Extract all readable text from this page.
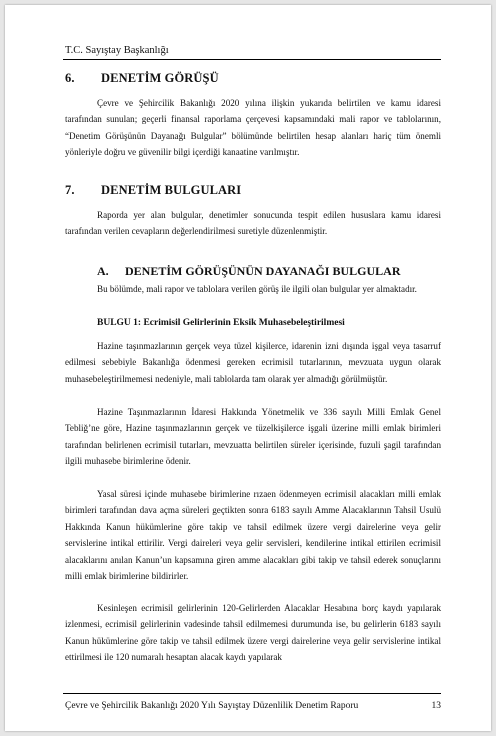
T.C. Sayıştay Başkanlığı
6. DENETİM GÖRÜŞÜ

Çevre ve Şehircilik Bakanlığı 2020 yılına ilişkin yukarıda belirtilen ve kamu idaresi tarafından sunulan; geçerli finansal raporlama çerçevesi kapsamındaki mali rapor ve tablolarının, “Denetim Görüşünün Dayanağı Bulgular” bölümünde belirtilen hesap alanları hariç tüm önemli yönleriyle doğru ve güvenilir bilgi içerdiği kanaatine varılmıştır.

7. DENETİM BULGULARI

Raporda yer alan bulgular, denetimler sonucunda tespit edilen hususlara kamu idaresi tarafından verilen cevapların değerlendirilmesi suretiyle düzenlenmiştir.

A. DENETİM GÖRÜŞÜNÜN DAYANAĞI BULGULAR

Bu bölümde, mali rapor ve tablolara verilen görüş ile ilgili olan bulgular yer almaktadır.

BULGU 1: Ecrimisil Gelirlerinin Eksik Muhasebeleştirilmesi

Hazine taşınmazlarının gerçek veya tüzel kişilerce, idarenin izni dışında işgal veya tasarruf edilmesi sebebiyle Bakanlığa ödenmesi gereken ecrimisil tutarlarının, mevzuata uygun olarak muhasebeleştirilmemesi nedeniyle, mali tablolarda tam olarak yer almadığı görülmüştür.

Hazine Taşınmazlarının İdaresi Hakkında Yönetmelik ve 336 sayılı Milli Emlak Genel Tebliğ’ne göre, Hazine taşınmazlarının gerçek ve tüzelkişilerce işgali üzerine milli emlak birimleri tarafından belirlenen ecrimisil tutarları, mevzuatta belirtilen süreler içerisinde, fuzuli şagil tarafından ilgili muhasebe birimlerine ödenir.

Yasal süresi içinde muhasebe birimlerine rızaen ödenmeyen ecrimisil alacakları milli emlak birimleri tarafından dava açma süreleri geçtikten sonra 6183 sayılı Amme Alacaklarının Tahsil Usulü Hakkında Kanun hükümlerine göre takip ve tahsil edilmek üzere vergi dairelerine veya gelir servislerine intikal ettirilir. Vergi daireleri veya gelir servisleri, kendilerine intikal ettirilen ecrimisil alacaklarını anılan Kanun’un kapsamına giren amme alacakları gibi takip ve tahsil ederek sonuçlarını milli emlak birimlerine bildirirler.

Kesinleşen ecrimisil gelirlerinin 120-Gelirlerden Alacaklar Hesabına borç kaydı yapılarak izlenmesi, ecrimisil gelirlerinin vadesinde tahsil edilmemesi durumunda ise, bu gelirlerin 6183 sayılı Kanun hükümlerine göre takip ve tahsil edilmek üzere vergi dairelerine veya gelir servislerine intikal ettirilmesi ile 120 numaralı hesaptan alacak kaydı yapılarak

Çevre ve Şehircilik Bakanlığı 2020 Yılı Sayıştay Düzenlilik Denetim Raporu	13
